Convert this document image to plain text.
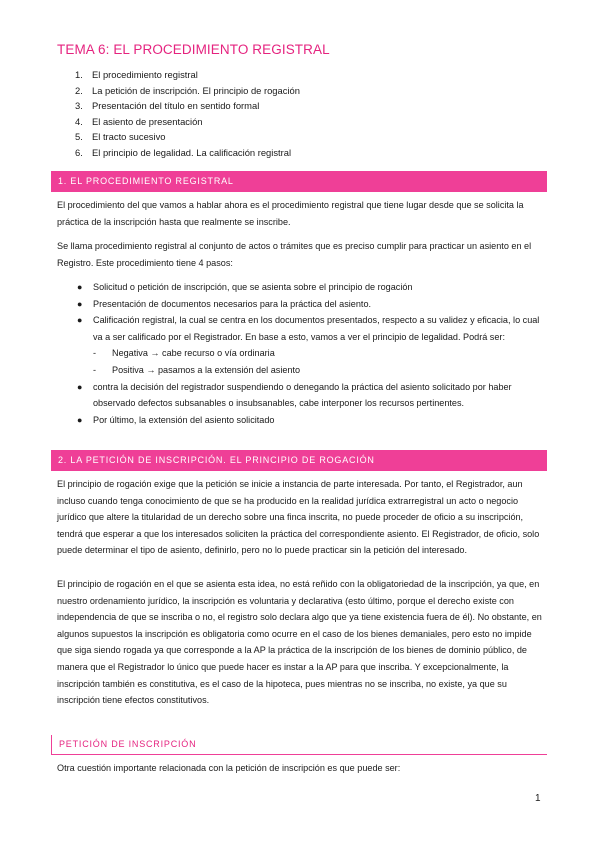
TEMA 6: EL PROCEDIMIENTO REGISTRAL
1. El procedimiento registral
2. La petición de inscripción. El principio de rogación
3. Presentación del título en sentido formal
4. El asiento de presentación
5. El tracto sucesivo
6. El principio de legalidad. La calificación registral
1. EL PROCEDIMIENTO REGISTRAL

El procedimiento del que vamos a hablar ahora es el procedimiento registral que tiene lugar desde que se solicita la práctica de la inscripción hasta que realmente se inscribe.

Se llama procedimiento registral al conjunto de actos o trámites que es preciso cumplir para practicar un asiento en el Registro. Este procedimiento tiene 4 pasos:

● Solicitud o petición de inscripción, que se asienta sobre el principio de rogación
● Presentación de documentos necesarios para la práctica del asiento.
● Calificación registral, la cual se centra en los documentos presentados, respecto a su validez y eficacia, lo cual va a ser calificado por el Registrador. En base a esto, vamos a ver el principio de legalidad. Podrá ser:
- Negativa → cabe recurso o vía ordinaria
- Positiva → pasamos a la extensión del asiento
● contra la decisión del registrador suspendiendo o denegando la práctica del asiento solicitado por haber observado defectos subsanables o insubsanables, cabe interponer los recursos pertinentes.
● Por último, la extensión del asiento solicitado
2. LA PETICIÓN DE INSCRIPCIÓN. EL PRINCIPIO DE ROGACIÓN

El principio de rogación exige que la petición se inicie a instancia de parte interesada. Por tanto, el Registrador, aun incluso cuando tenga conocimiento de que se ha producido en la realidad jurídica extrarregistral un acto o negocio jurídico que altere la titularidad de un derecho sobre una finca inscrita, no puede proceder de oficio a su inscripción, tendrá que esperar a que los interesados soliciten la práctica del correspondiente asiento. El Registrador, de oficio, solo puede determinar el tipo de asiento, definirlo, pero no lo puede practicar sin la petición del interesado.

El principio de rogación en el que se asienta esta idea, no está reñido con la obligatoriedad de la inscripción, ya que, en nuestro ordenamiento jurídico, la inscripción es voluntaria y declarativa (esto último, porque el derecho existe con independencia de que se inscriba o no, el registro solo declara algo que ya tiene existencia fuera de él). No obstante, en algunos supuestos la inscripción es obligatoria como ocurre en el caso de los bienes demaniales, pero esto no impide que siga siendo rogada ya que corresponde a la AP la práctica de la inscripción de los bienes de dominio público, de manera que el Registrador lo único que puede hacer es instar a la AP para que inscriba. Y excepcionalmente, la inscripción también es constitutiva, es el caso de la hipoteca, pues mientras no se inscriba, no existe, ya que su inscripción tiene efectos constitutivos.

PETICIÓN DE INSCRIPCIÓN

Otra cuestión importante relacionada con la petición de inscripción es que puede ser:

1
